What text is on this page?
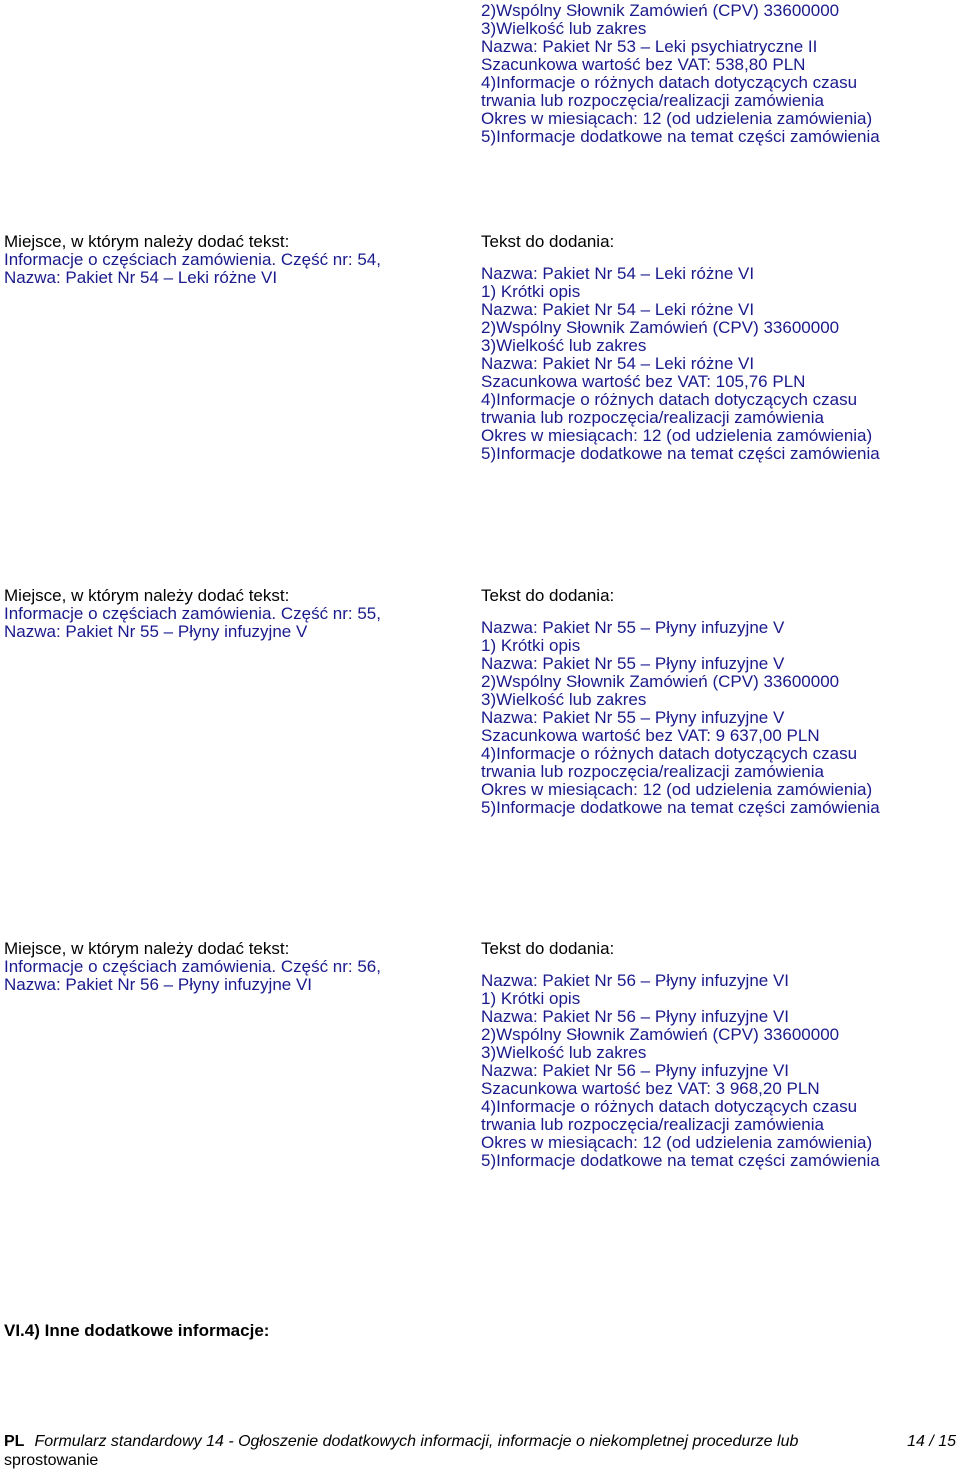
2)Wspólny Słownik Zamówień (CPV) 33600000
3)Wielkość lub zakres
Nazwa: Pakiet Nr 53 – Leki psychiatryczne II
Szacunkowa wartość bez VAT: 538,80 PLN
4)Informacje o różnych datach dotyczących czasu
trwania lub rozpoczęcia/realizacji zamówienia
Okres w miesiącach: 12 (od udzielenia zamówienia)
5)Informacje dodatkowe na temat części zamówienia
Miejsce, w którym należy dodać tekst:
Informacje o częściach zamówienia. Część nr: 54,
Nazwa: Pakiet Nr 54 – Leki różne VI
Tekst do dodania:
Nazwa: Pakiet Nr 54 – Leki różne VI
1) Krótki opis
Nazwa: Pakiet Nr 54 – Leki różne VI
2)Wspólny Słownik Zamówień (CPV) 33600000
3)Wielkość lub zakres
Nazwa: Pakiet Nr 54 – Leki różne VI
Szacunkowa wartość bez VAT: 105,76 PLN
4)Informacje o różnych datach dotyczących czasu
trwania lub rozpoczęcia/realizacji zamówienia
Okres w miesiącach: 12 (od udzielenia zamówienia)
5)Informacje dodatkowe na temat części zamówienia
Miejsce, w którym należy dodać tekst:
Informacje o częściach zamówienia. Część nr: 55,
Nazwa: Pakiet Nr 55 – Płyny infuzyjne V
Tekst do dodania:
Nazwa: Pakiet Nr 55 – Płyny infuzyjne V
1) Krótki opis
Nazwa: Pakiet Nr 55 – Płyny infuzyjne V
2)Wspólny Słownik Zamówień (CPV) 33600000
3)Wielkość lub zakres
Nazwa: Pakiet Nr 55 – Płyny infuzyjne V
Szacunkowa wartość bez VAT: 9 637,00 PLN
4)Informacje o różnych datach dotyczących czasu
trwania lub rozpoczęcia/realizacji zamówienia
Okres w miesiącach: 12 (od udzielenia zamówienia)
5)Informacje dodatkowe na temat części zamówienia
Miejsce, w którym należy dodać tekst:
Informacje o częściach zamówienia. Część nr: 56,
Nazwa: Pakiet Nr 56 – Płyny infuzyjne VI
Tekst do dodania:
Nazwa: Pakiet Nr 56 – Płyny infuzyjne VI
1) Krótki opis
Nazwa: Pakiet Nr 56 – Płyny infuzyjne VI
2)Wspólny Słownik Zamówień (CPV) 33600000
3)Wielkość lub zakres
Nazwa: Pakiet Nr 56 – Płyny infuzyjne VI
Szacunkowa wartość bez VAT: 3 968,20 PLN
4)Informacje o różnych datach dotyczących czasu
trwania lub rozpoczęcia/realizacji zamówienia
Okres w miesiącach: 12 (od udzielenia zamówienia)
5)Informacje dodatkowe na temat części zamówienia
VI.4) Inne dodatkowe informacje:
PL Formularz standardowy 14 - Ogłoszenie dodatkowych informacji, informacje o niekompletnej procedurze lub
sprostowanie
14 / 15
